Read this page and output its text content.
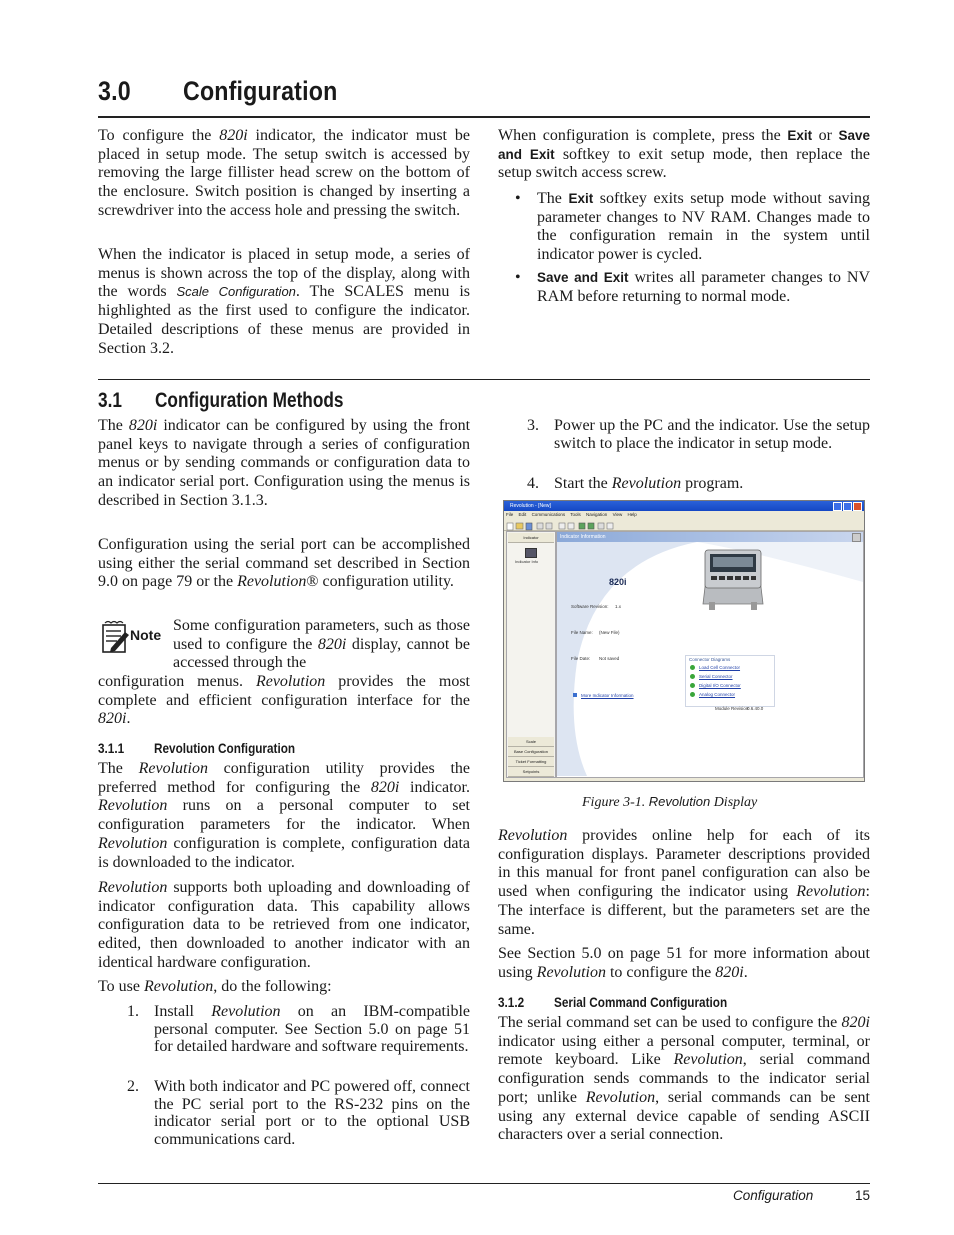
3.0 Configuration

To configure the 820i indicator, the indicator must be placed in setup mode. The setup switch is accessed by removing the large fillister head screw on the bottom of the enclosure. Switch position is changed by inserting a screwdriver into the access hole and pressing the switch.

When the indicator is placed in setup mode, a series of menus is shown across the top of the display, along with the words Scale Configuration. The SCALES menu is highlighted as the first used to configure the indicator. Detailed descriptions of these menus are provided in Section 3.2.

When configuration is complete, press the Exit or Save and Exit softkey to exit setup mode, then replace the setup switch access screw.

• The Exit softkey exits setup mode without saving parameter changes to NV RAM. Changes made to the configuration remain in the system until indicator power is cycled.

• Save and Exit writes all parameter changes to NV RAM before returning to normal mode.

3.1 Configuration Methods

The 820i indicator can be configured by using the front panel keys to navigate through a series of configuration menus or by sending commands or configuration data to an indicator serial port. Configuration using the menus is described in Section 3.1.3.

Configuration using the serial port can be accomplished using either the serial command set described in Section 9.0 on page 79 or the Revolution® configuration utility.

Note

Some configuration parameters, such as those used to configure the 820i display, cannot be accessed through the

configuration menus. Revolution provides the most complete and efficient configuration interface for the 820i.

3.1.1 Revolution Configuration

The Revolution configuration utility provides the preferred method for configuring the 820i indicator. Revolution runs on a personal computer to set configuration parameters for the indicator. When Revolution configuration is complete, configuration data is downloaded to the indicator.

Revolution supports both uploading and downloading of indicator configuration data. This capability allows configuration data to be retrieved from one indicator, edited, then downloaded to another indicator with an identical hardware configuration.

To use Revolution, do the following:

1. Install Revolution on an IBM-compatible personal computer. See Section 5.0 on page 51 for detailed hardware and software requirements.

2. With both indicator and PC powered off, connect the PC serial port to the RS-232 pins on the indicator serial port or to the optional USB communications card.

3. Power up the PC and the indicator. Use the setup switch to place the indicator in setup mode.

4. Start the Revolution program.

Revolution - [New]
File Edit Communications Tools Navigation View Help
Indicator
Indicator Info
Scale
Base Configuration
Ticket Formatting
Setpoints
Indicator Information
820i
Software Revision: 1.x
File Name: (New File)
File Date: Not saved
More Indicator Information
Connector Diagrams
Load Cell Connector
Serial Connector
Digital I/O Connector
Analog Connector
Module Revision:
0.6.40.0
Figure 3-1. Revolution Display

Revolution provides online help for each of its configuration displays. Parameter descriptions provided in this manual for front panel configuration can also be used when configuring the indicator using Revolution: The interface is different, but the parameters set are the same.

See Section 5.0 on page 51 for more information about using Revolution to configure the 820i.

3.1.2 Serial Command Configuration

The serial command set can be used to configure the 820i indicator using either a personal computer, terminal, or remote keyboard. Like Revolution, serial command configuration sends commands to the indicator serial port; unlike Revolution, serial commands can be sent using any external device capable of sending ASCII characters over a serial connection.

Configuration	15
